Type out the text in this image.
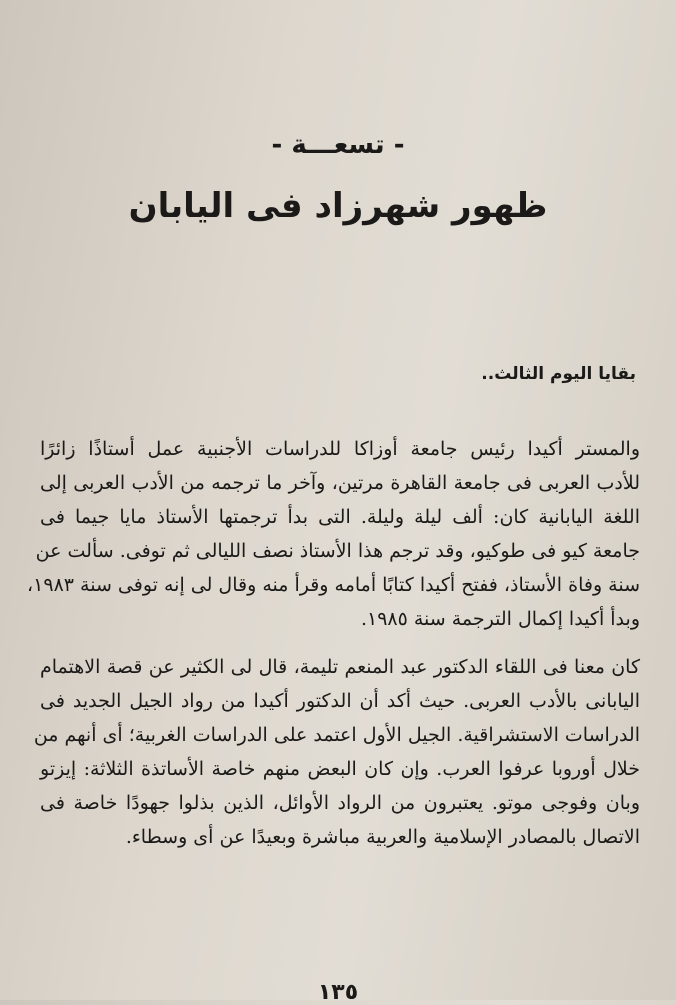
- تسعـــة -
ظهور شهرزاد فى اليابان
بقايا اليوم الثالث..
والمستر أكيدا رئيس جامعة أوزاكا للدراسات الأجنبية عمل أستاذًا زائرًا
للأدب العربى فى جامعة القاهرة مرتين، وآخر ما ترجمه من الأدب العربى إلى
اللغة اليابانية كان: ألف ليلة وليلة. التى بدأ ترجمتها الأستاذ مايا جيما فى
جامعة كيو فى طوكيو، وقد ترجم هذا الأستاذ نصف الليالى ثم توفى. سألت عن
سنة وفاة الأستاذ، ففتح أكيدا كتابًا أمامه وقرأ منه وقال لى إنه توفى سنة ١٩٨٣،
وبدأ أكيدا إكمال الترجمة سنة ١٩٨٥.
كان معنا فى اللقاء الدكتور عبد المنعم تليمة، قال لى الكثير عن قصة الاهتمام
اليابانى بالأدب العربى. حيث أكد أن الدكتور أكيدا من رواد الجيل الجديد فى
الدراسات الاستشراقية. الجيل الأول اعتمد على الدراسات الغربية؛ أى أنهم من
خلال أوروبا عرفوا العرب. وإن كان البعض منهم خاصة الأساتذة الثلاثة: إيزتو
وبان وفوجى موتو. يعتبرون من الرواد الأوائل، الذين بذلوا جهودًا خاصة فى
الاتصال بالمصادر الإسلامية والعربية مباشرة وبعيدًا عن أى وسطاء.
١٣٥
